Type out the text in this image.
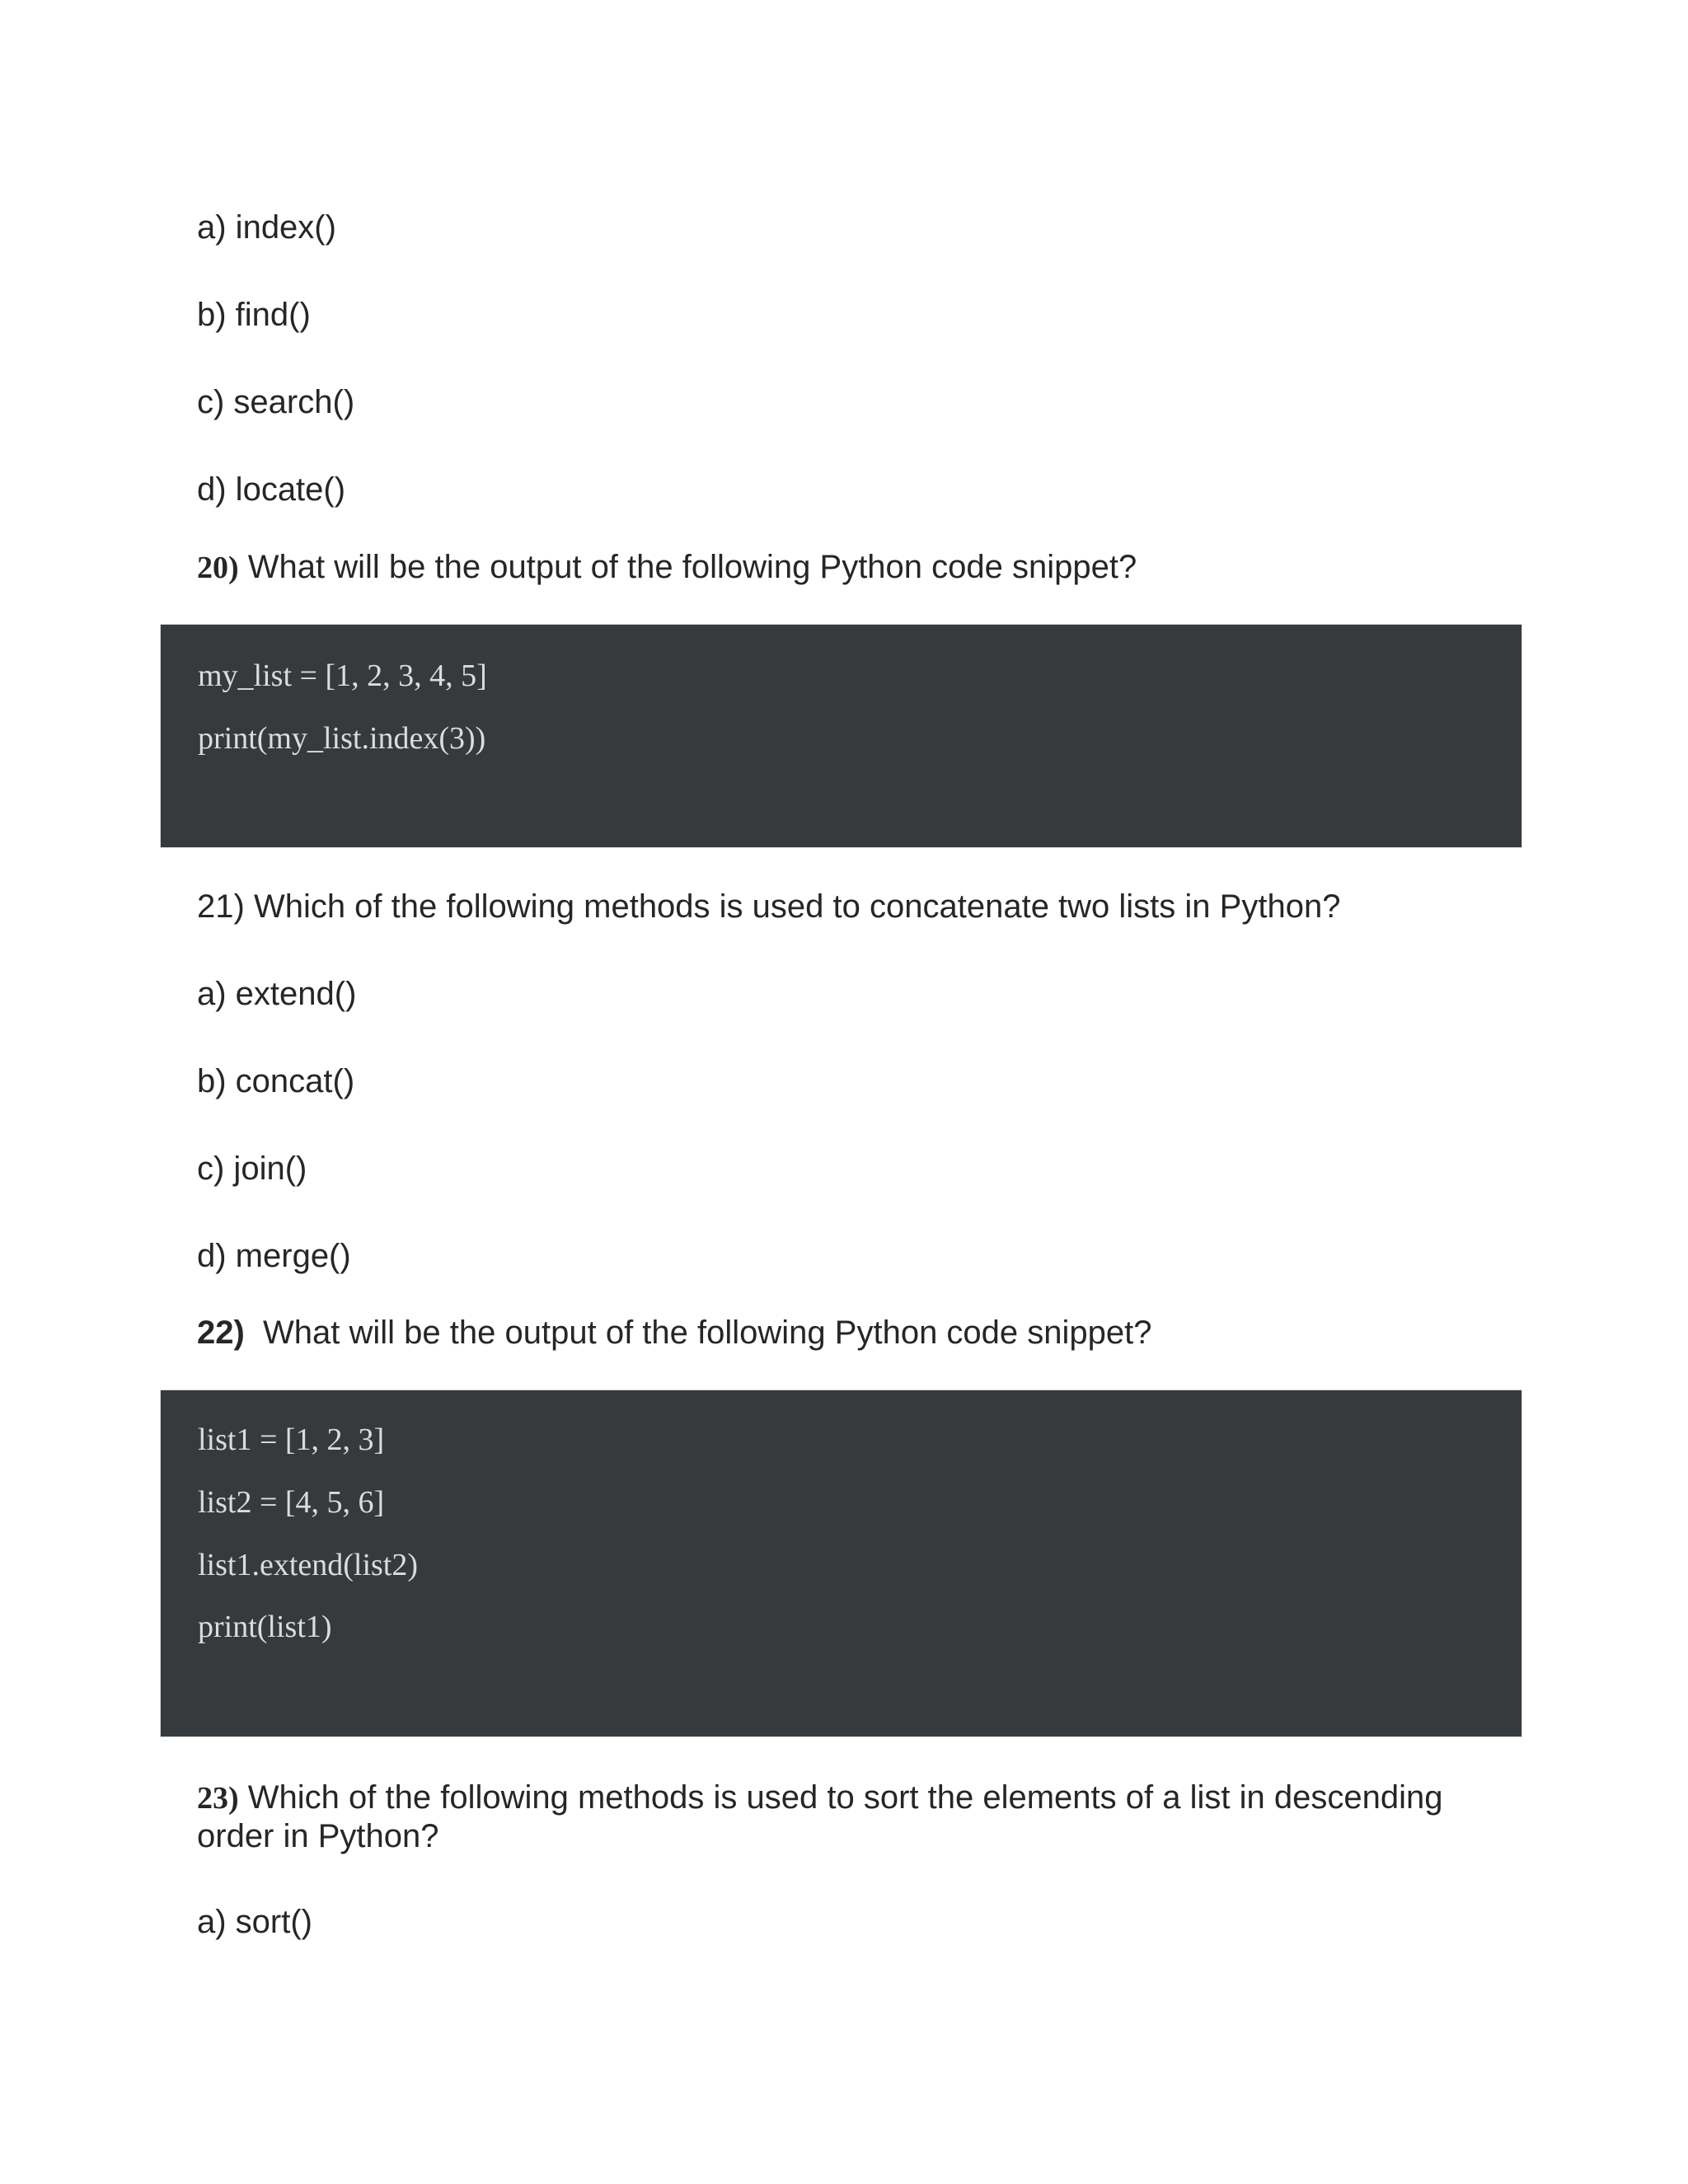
a) index()
b) find()
c) search()
d) locate()
20) What will be the output of the following Python code snippet?
my_list = [1, 2, 3, 4, 5]
print(my_list.index(3))
21) Which of the following methods is used to concatenate two lists in Python?
a) extend()
b) concat()
c) join()
d) merge()
22) What will be the output of the following Python code snippet?
list1 = [1, 2, 3]
list2 = [4, 5, 6]
list1.extend(list2)
print(list1)
23) Which of the following methods is used to sort the elements of a list in descending order in Python?
a) sort()
